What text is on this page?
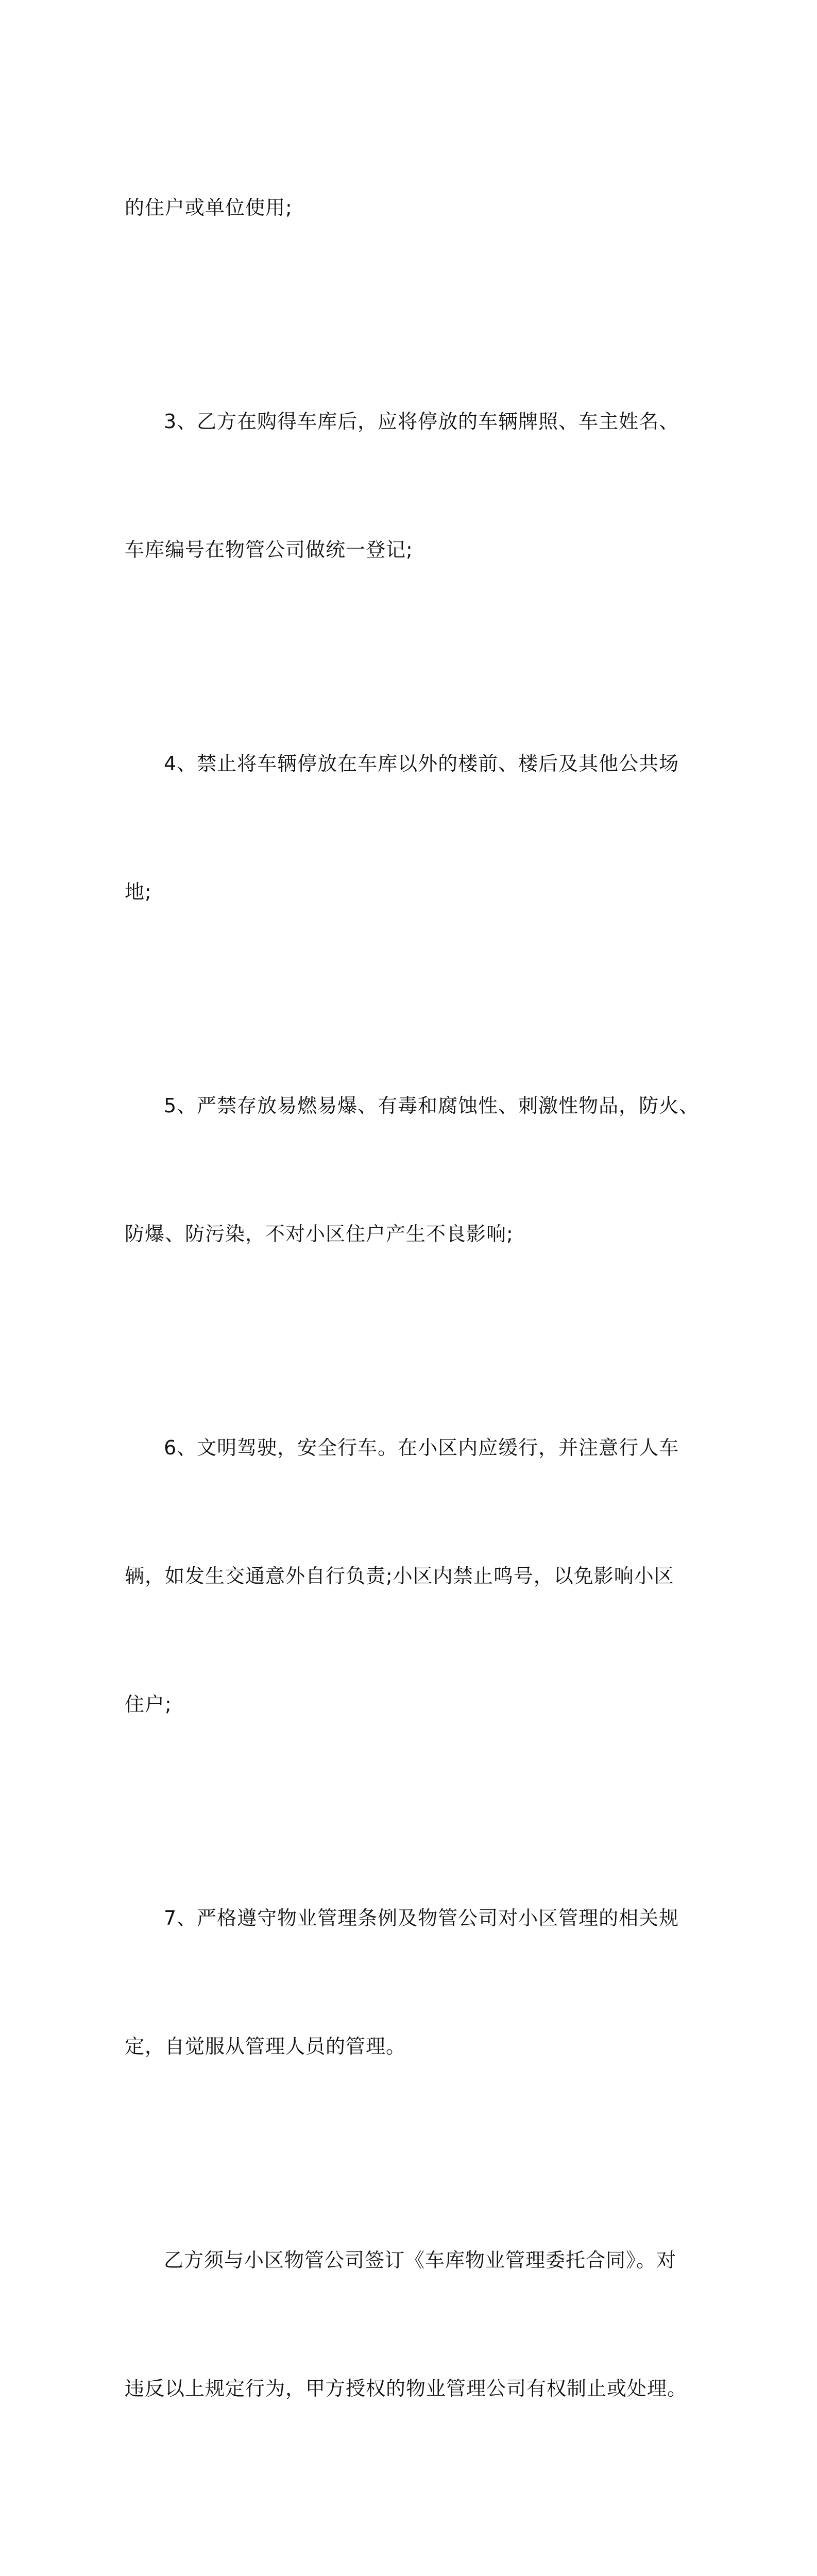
的住户或单位使用;

3、乙方在购得车库后，应将停放的车辆牌照、车主姓名、

车库编号在物管公司做统一登记;

4、禁止将车辆停放在车库以外的楼前、楼后及其他公共场

地;

5、严禁存放易燃易爆、有毒和腐蚀性、刺激性物品，防火、

防爆、防污染，不对小区住户产生不良影响;

6、文明驾驶，安全行车。在小区内应缓行，并注意行人车

辆，如发生交通意外自行负责;小区内禁止鸣号，以免影响小区

住户;

7、严格遵守物业管理条例及物管公司对小区管理的相关规

定，自觉服从管理人员的管理。

乙方须与小区物管公司签订《车库物业管理委托合同》。对

违反以上规定行为，甲方授权的物业管理公司有权制止或处理。
